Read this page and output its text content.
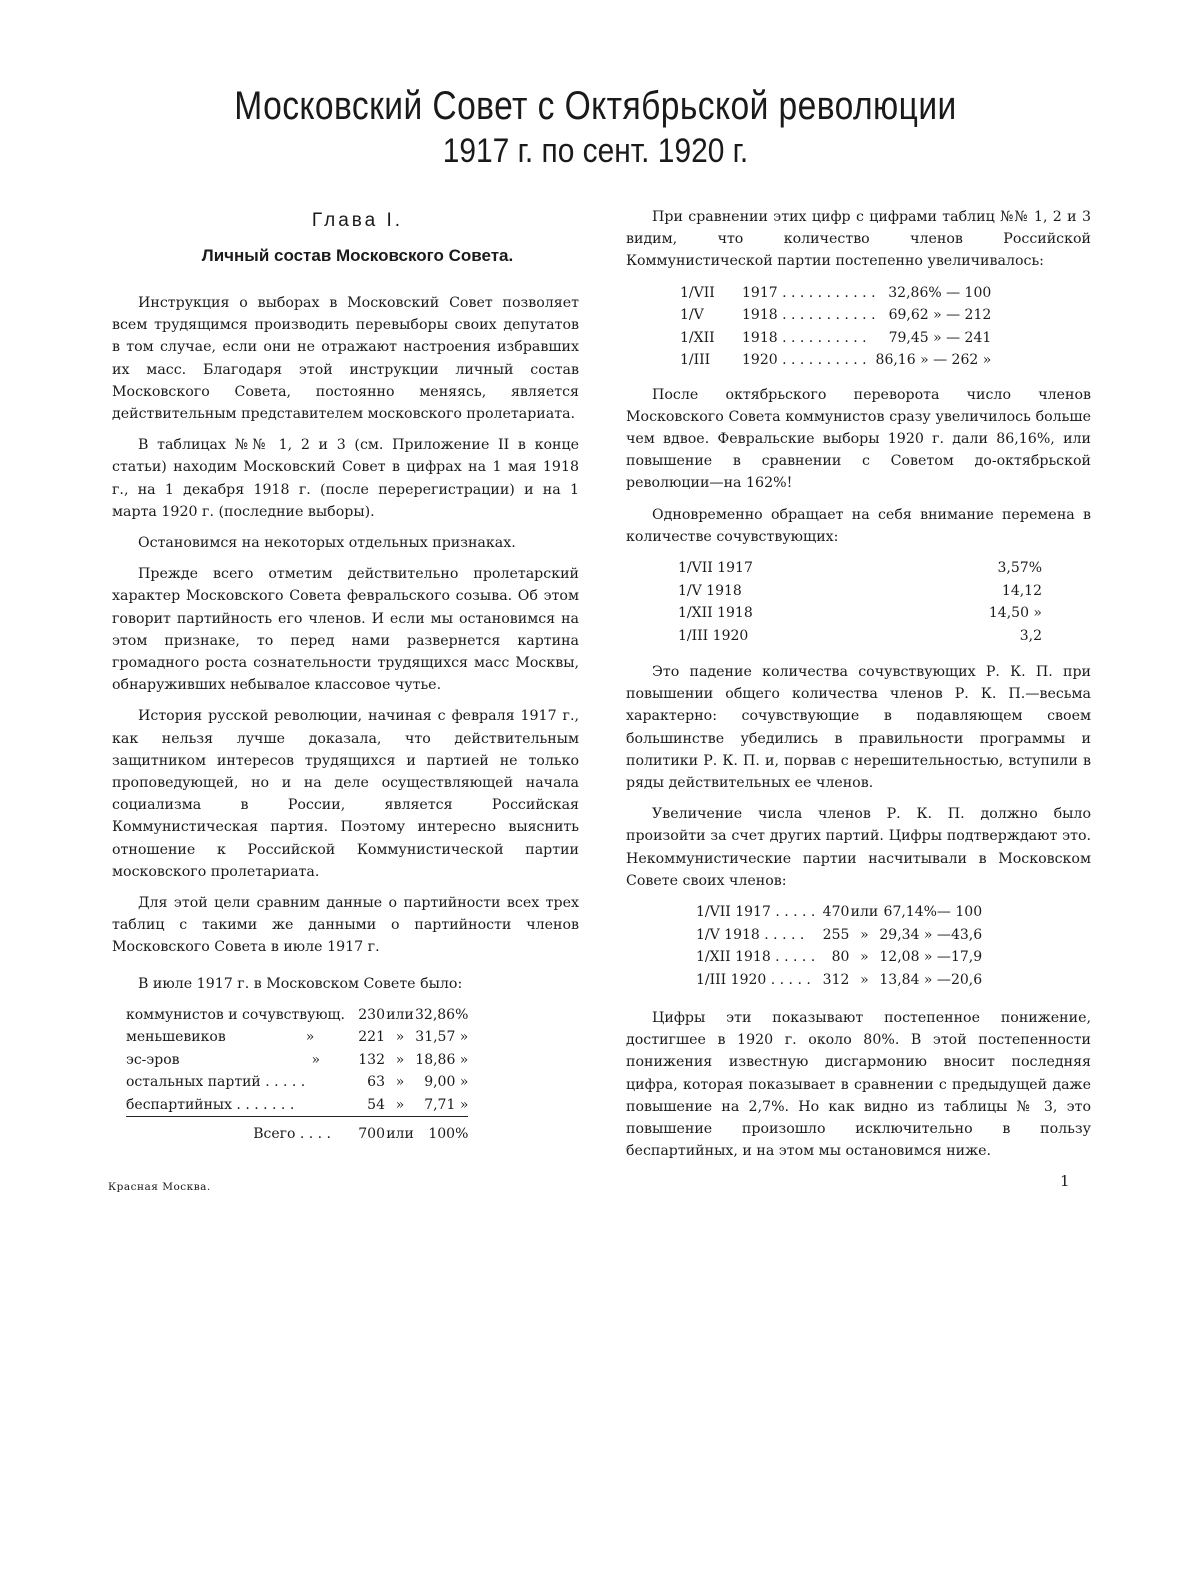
Московский Совет с Октябрьской революции
1917 г. по сент. 1920 г.
Глава I.
Личный состав Московского Совета.

Инструкция о выборах в Московский Совет позволяет всем трудящимся производить перевыборы своих депутатов в том случае, если они не отражают настроения избравших их масс. Благодаря этой инструкции личный состав Московского Совета, постоянно меняясь, является действительным представителем московского пролетариата.

В таблицах №№ 1, 2 и 3 (см. Приложение II в конце статьи) находим Московский Совет в цифрах на 1 мая 1918 г., на 1 декабря 1918 г. (после перерегистрации) и на 1 марта 1920 г. (последние выборы).

Остановимся на некоторых отдельных признаках.

Прежде всего отметим действительно пролетарский характер Московского Совета февральского созыва. Об этом говорит партийность его членов. И если мы остановимся на этом признаке, то перед нами развернется картина громадного роста сознательности трудящихся масс Москвы, обнаруживших небывалое классовое чутье.

История русской революции, начиная с февраля 1917 г., как нельзя лучше доказала, что действительным защитником интересов трудящихся и партией не только проповедующей, но и на деле осуществляющей начала социализма в России, является Российская Коммунистическая партия. Поэтому интересно выяснить отношение к Российской Коммунистической партии московского пролетариата.

Для этой цели сравним данные о партийности всех трех таблиц с такими же данными о партийности членов Московского Совета в июле 1917 г.

В июле 1917 г. в Московском Совете было:

коммунистов и сочувствующ.	230	или	32,86%
меньшевиков »	221	»	31,57 »
эс-эров »	132	»	18,86 »
остальных партий . . . . .	63	»	9,00 »
беспартийных . . . . . . .	54	»	7,71 »
Всего . . . .	700	или	100%

При сравнении этих цифр с цифрами таблиц №№ 1, 2 и 3 видим, что количество членов Российской Коммунистической партии постепенно увеличивалось:

1/VII	1917 . . . . . . . . . . .	32,86% — 100
1/V	1918 . . . . . . . . . . .	69,62 » — 212
1/XII	1918 . . . . . . . . . .	79,45 » — 241
1/III	1920 . . . . . . . . . .	86,16 » — 262 »

После октябрьского переворота число членов Московского Совета коммунистов сразу увеличилось больше чем вдвое. Февральские выборы 1920 г. дали 86,16%, или повышение в сравнении с Советом до-октябрьской революции—на 162%!

Одновременно обращает на себя внимание перемена в количестве сочувствующих:

1/VII 1917	3,57%
1/V 1918	14,12
1/XII 1918	14,50 »
1/III 1920	3,2

Это падение количества сочувствующих Р. К. П. при повышении общего количества членов Р. К. П.—весьма характерно: сочувствующие в подавляющем своем большинстве убедились в правильности программы и политики Р. К. П. и, порвав с нерешительностью, вступили в ряды действительных ее членов.

Увеличение числа членов Р. К. П. должно было произойти за счет других партий. Цифры подтверждают это. Некоммунистические партии насчитывали в Московском Совете своих членов:

1/VII 1917 . . . . .	470	или	67,14%—	100
1/V 1918 . . . . .	255	»	29,34 » —	43,6
1/XII 1918 . . . . .	80	»	12,08 » —	17,9
1/III 1920 . . . . .	312	»	13,84 » —	20,6

Цифры эти показывают постепенное понижение, достигшее в 1920 г. около 80%. В этой постепенности понижения известную дисгармонию вносит последняя цифра, которая показывает в сравнении с предыдущей даже повышение на 2,7%. Но как видно из таблицы № 3, это повышение произошло исключительно в пользу беспартийных, и на этом мы остановимся ниже.

Красная Москва.	1
